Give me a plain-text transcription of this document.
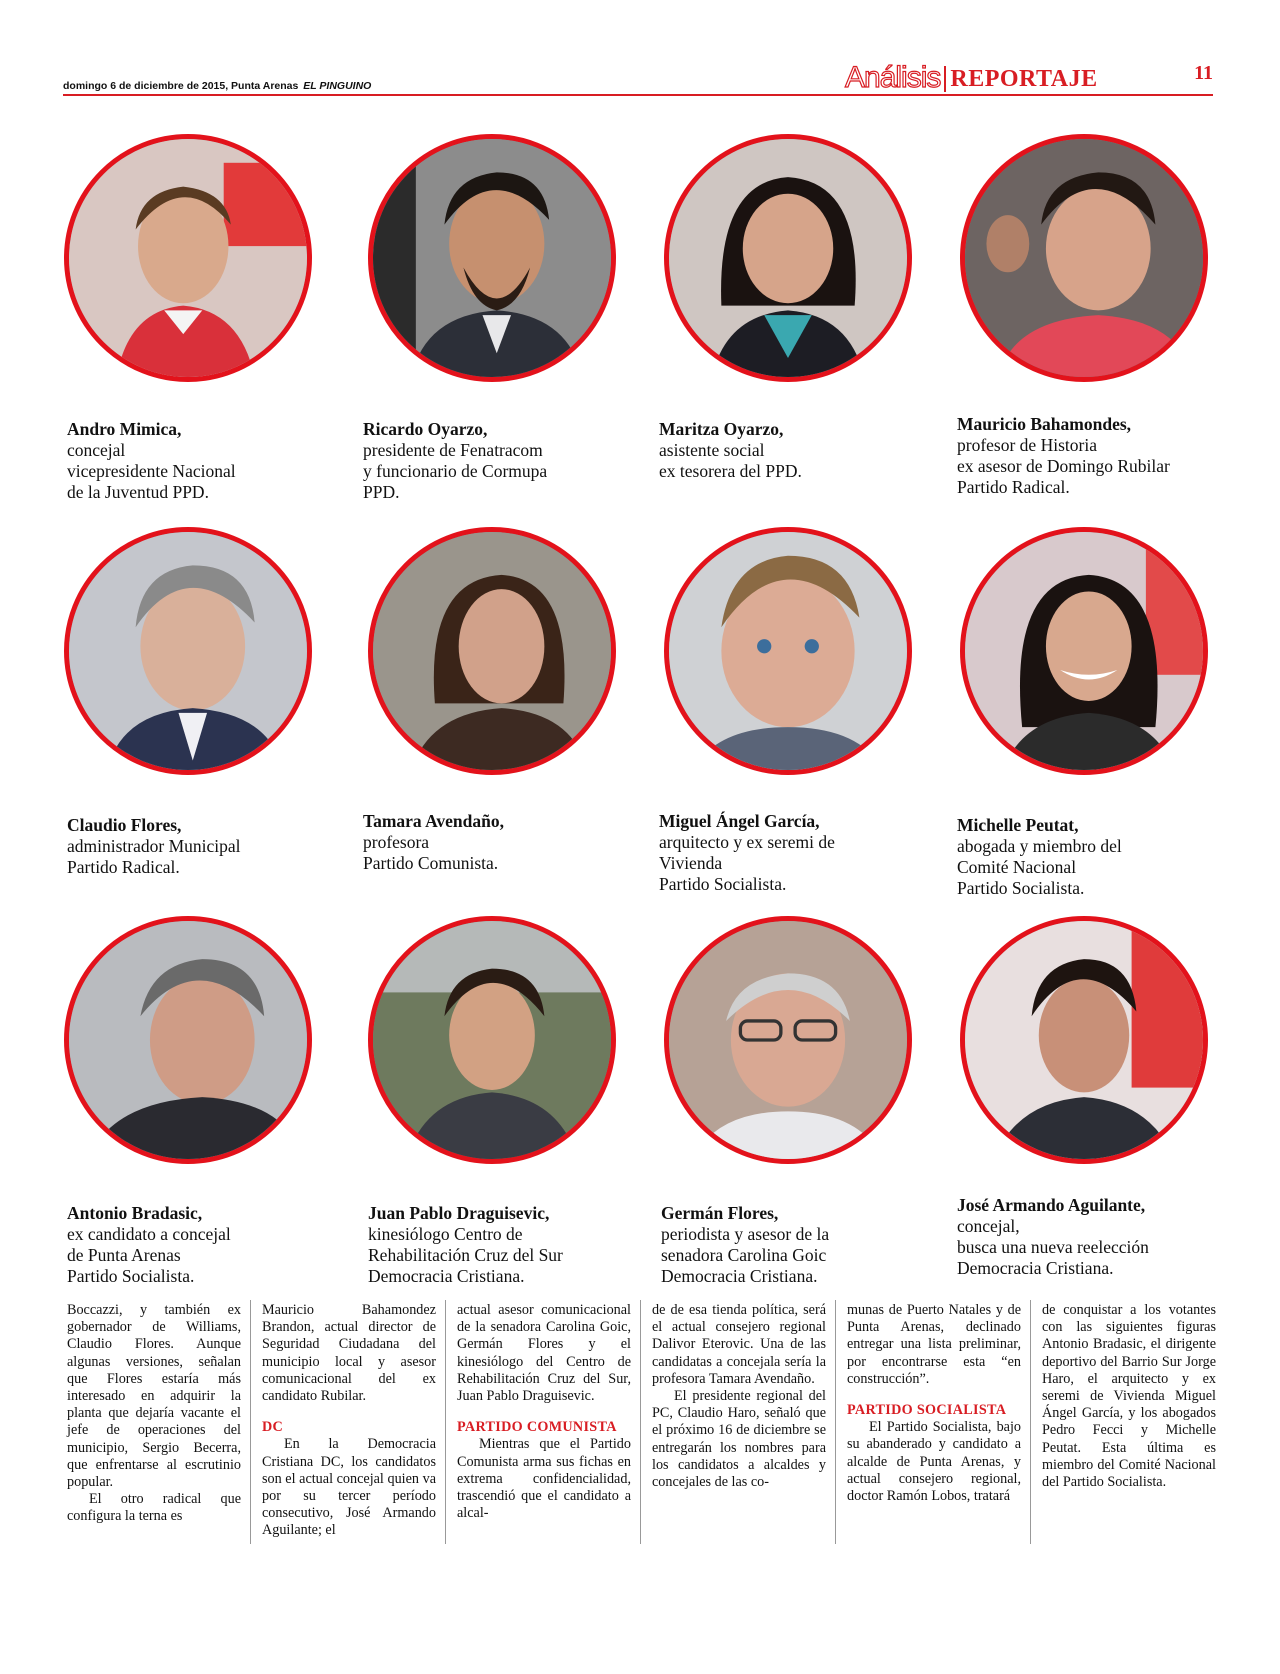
domingo 6 de diciembre de 2015, Punta Arenas EL PINGUINO	Análisis REPORTAJE	11
Andro Mimica,
concejal
vicepresidente Nacional
de la Juventud PPD.
Ricardo Oyarzo,
presidente de Fenatracom
y funcionario de Cormupa
PPD.
Maritza Oyarzo,
asistente social
ex tesorera del PPD.
Mauricio Bahamondes,
profesor de Historia
ex asesor de Domingo Rubilar
Partido Radical.
Claudio Flores,
administrador Municipal
Partido Radical.
Tamara Avendaño,
profesora
Partido Comunista.
Miguel Ángel García,
arquitecto y ex seremi de
Vivienda
Partido Socialista.
Michelle Peutat,
abogada y miembro del
Comité Nacional
Partido Socialista.
Antonio Bradasic,
ex candidato a concejal
de Punta Arenas
Partido Socialista.
Juan Pablo Draguisevic,
kinesiólogo Centro de
Rehabilitación Cruz del Sur
Democracia Cristiana.
Germán Flores,
periodista y asesor de la
senadora Carolina Goic
Democracia Cristiana.
José Armando Aguilante,
concejal,
busca una nueva reelección
Democracia Cristiana.
Boccazzi, y también ex gobernador de Williams, Claudio Flores. Aunque algunas versiones, señalan que Flores estaría más interesado en adquirir la planta que dejaría vacante el jefe de operaciones del municipio, Sergio Becerra, que enfrentarse al escrutinio popular.
El otro radical que configura la terna es
Mauricio Bahamondez Brandon, actual director de Seguridad Ciudadana del municipio local y asesor comunicacional del ex candidato Rubilar.
DC
En la Democracia Cristiana DC, los candidatos son el actual concejal quien va por su tercer período consecutivo, José Armando Aguilante; el
actual asesor comunicacional de la senadora Carolina Goic, Germán Flores y el kinesiólogo del Centro de Rehabilitación Cruz del Sur, Juan Pablo Draguisevic.
PARTIDO COMUNISTA
Mientras que el Partido Comunista arma sus fichas en extrema confidencialidad, trascendió que el candidato a alcal-
de de esa tienda política, será el actual consejero regional Dalivor Eterovic. Una de las candidatas a concejala sería la profesora Tamara Avendaño.
El presidente regional del PC, Claudio Haro, señaló que el próximo 16 de diciembre se entregarán los nombres para los candidatos a alcaldes y concejales de las co-
munas de Puerto Natales y de Punta Arenas, declinado entregar una lista preliminar, por encontrarse esta “en construcción”.
PARTIDO SOCIALISTA
El Partido Socialista, bajo su abanderado y candidato a alcalde de Punta Arenas, y actual consejero regional, doctor Ramón Lobos, tratará
de conquistar a los votantes con las siguientes figuras Antonio Bradasic, el dirigente deportivo del Barrio Sur Jorge Haro, el arquitecto y ex seremi de Vivienda Miguel Ángel García, y los abogados Pedro Fecci y Michelle Peutat. Esta última es miembro del Comité Nacional del Partido Socialista.
